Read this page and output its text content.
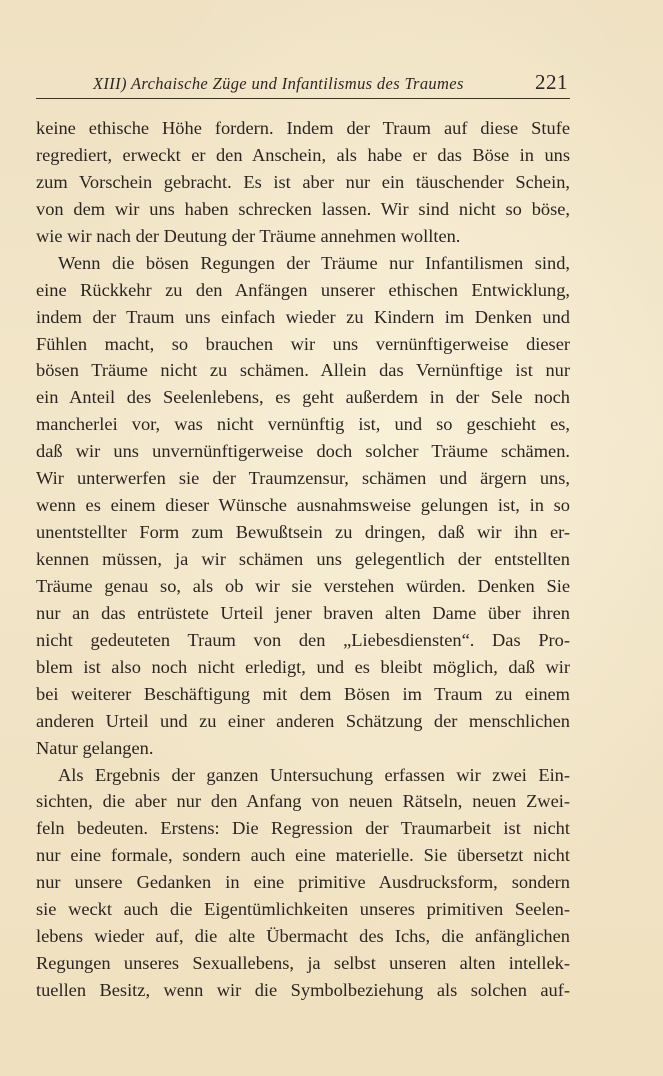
XIII) Archaische Züge und Infantilismus des Traumes	221
keine ethische Höhe fordern. Indem der Traum auf diese Stufe
regrediert, erweckt er den Anschein, als habe er das Böse in uns
zum Vorschein gebracht. Es ist aber nur ein täuschender Schein,
von dem wir uns haben schrecken lassen. Wir sind nicht so böse,
wie wir nach der Deutung der Träume annehmen wollten.
Wenn die bösen Regungen der Träume nur Infantilismen sind,
eine Rückkehr zu den Anfängen unserer ethischen Entwicklung,
indem der Traum uns einfach wieder zu Kindern im Denken und
Fühlen macht, so brauchen wir uns vernünftigerweise dieser
bösen Träume nicht zu schämen. Allein das Vernünftige ist nur
ein Anteil des Seelenlebens, es geht außerdem in der Sele noch
mancherlei vor, was nicht vernünftig ist, und so geschieht es,
daß wir uns unvernünftigerweise doch solcher Träume schämen.
Wir unterwerfen sie der Traumzensur, schämen und ärgern uns,
wenn es einem dieser Wünsche ausnahmsweise gelungen ist, in so
unentstellter Form zum Bewußtsein zu dringen, daß wir ihn er-
kennen müssen, ja wir schämen uns gelegentlich der entstellten
Träume genau so, als ob wir sie verstehen würden. Denken Sie
nur an das entrüstete Urteil jener braven alten Dame über ihren
nicht gedeuteten Traum von den „Liebesdiensten“. Das Pro-
blem ist also noch nicht erledigt, und es bleibt möglich, daß wir
bei weiterer Beschäftigung mit dem Bösen im Traum zu einem
anderen Urteil und zu einer anderen Schätzung der menschlichen
Natur gelangen.
Als Ergebnis der ganzen Untersuchung erfassen wir zwei Ein-
sichten, die aber nur den Anfang von neuen Rätseln, neuen Zwei-
feln bedeuten. Erstens: Die Regression der Traumarbeit ist nicht
nur eine formale, sondern auch eine materielle. Sie übersetzt nicht
nur unsere Gedanken in eine primitive Ausdrucksform, sondern
sie weckt auch die Eigentümlichkeiten unseres primitiven Seelen-
lebens wieder auf, die alte Übermacht des Ichs, die anfänglichen
Regungen unseres Sexuallebens, ja selbst unseren alten intellek-
tuellen Besitz, wenn wir die Symbolbeziehung als solchen auf-
